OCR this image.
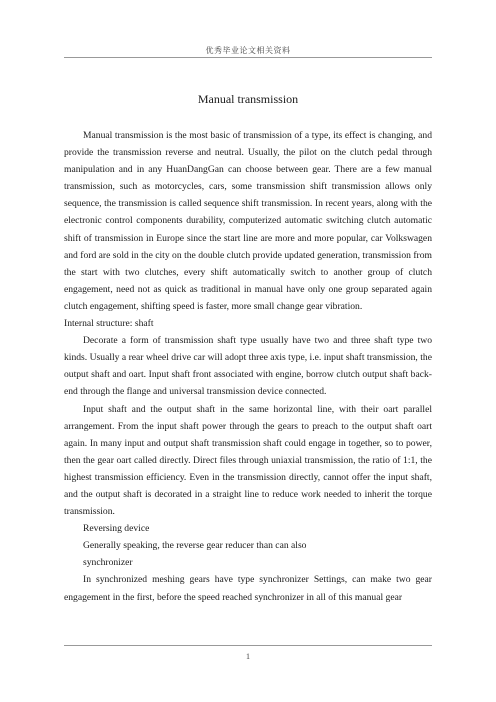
优秀毕业论文相关资料
Manual transmission

Manual transmission is the most basic of transmission of a type, its effect is changing, and provide the transmission reverse and neutral. Usually, the pilot on the clutch pedal through manipulation and in any HuanDangGan can choose between gear. There are a few manual transmission, such as motorcycles, cars, some transmission shift transmission allows only sequence, the transmission is called sequence shift transmission. In recent years, along with the electronic control components durability, computerized automatic switching clutch automatic shift of transmission in Europe since the start line are more and more popular, car Volkswagen and ford are sold in the city on the double clutch provide updated generation, transmission from the start with two clutches, every shift automatically switch to another group of clutch engagement, need not as quick as traditional in manual have only one group separated again clutch engagement, shifting speed is faster, more small change gear vibration.

Internal structure: shaft

Decorate a form of transmission shaft type usually have two and three shaft type two kinds. Usually a rear wheel drive car will adopt three axis type, i.e. input shaft transmission, the output shaft and oart. Input shaft front associated with engine, borrow clutch output shaft back-end through the flange and universal transmission device connected.

Input shaft and the output shaft in the same horizontal line, with their oart parallel arrangement. From the input shaft power through the gears to preach to the output shaft oart again. In many input and output shaft transmission shaft could engage in together, so to power, then the gear oart called directly. Direct files through uniaxial transmission, the ratio of 1:1, the highest transmission efficiency. Even in the transmission directly, cannot offer the input shaft, and the output shaft is decorated in a straight line to reduce work needed to inherit the torque transmission.

Reversing device

Generally speaking, the reverse gear reducer than can also

synchronizer

In synchronized meshing gears have type synchronizer Settings, can make two gear engagement in the first, before the speed reached synchronizer in all of this manual gear

1
